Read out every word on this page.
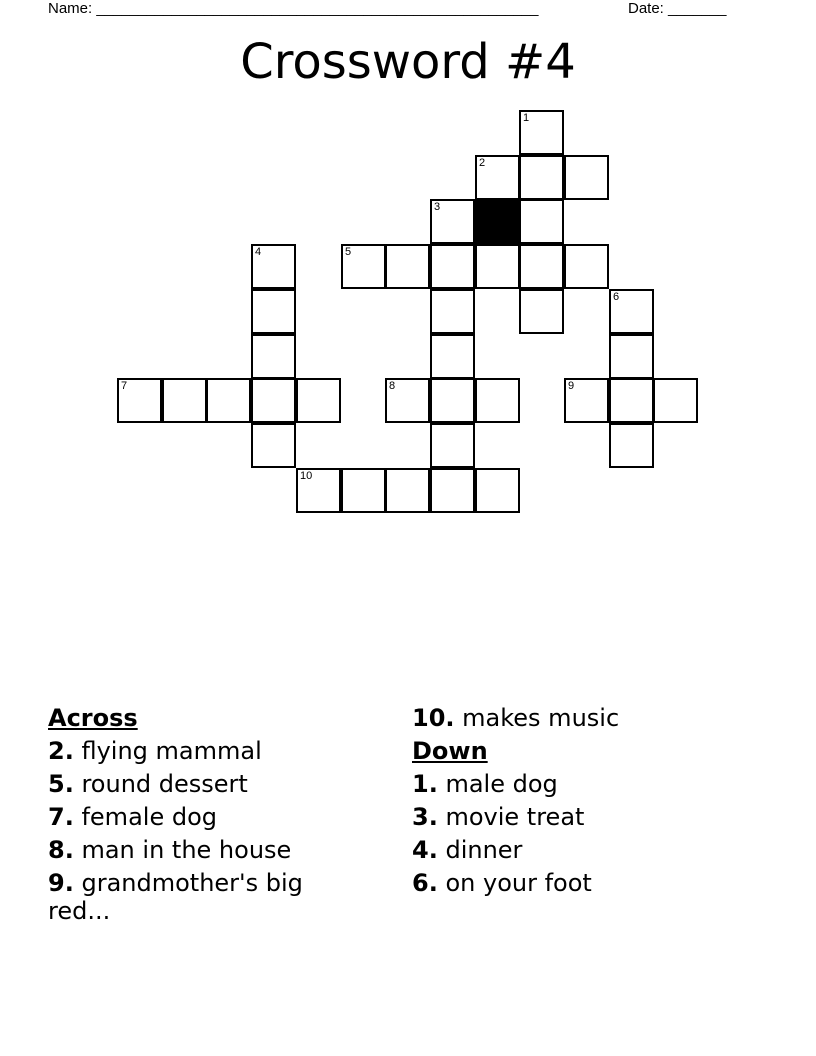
Name: _____________________________________________________	Date: _______
Crossword #4
1
2
3
4	5
6
7	8	9
10
Across
2. flying mammal
5. round dessert
7. female dog
8. man in the house
9. grandmother's big red...
10. makes music
Down
1. male dog
3. movie treat
4. dinner
6. on your foot
